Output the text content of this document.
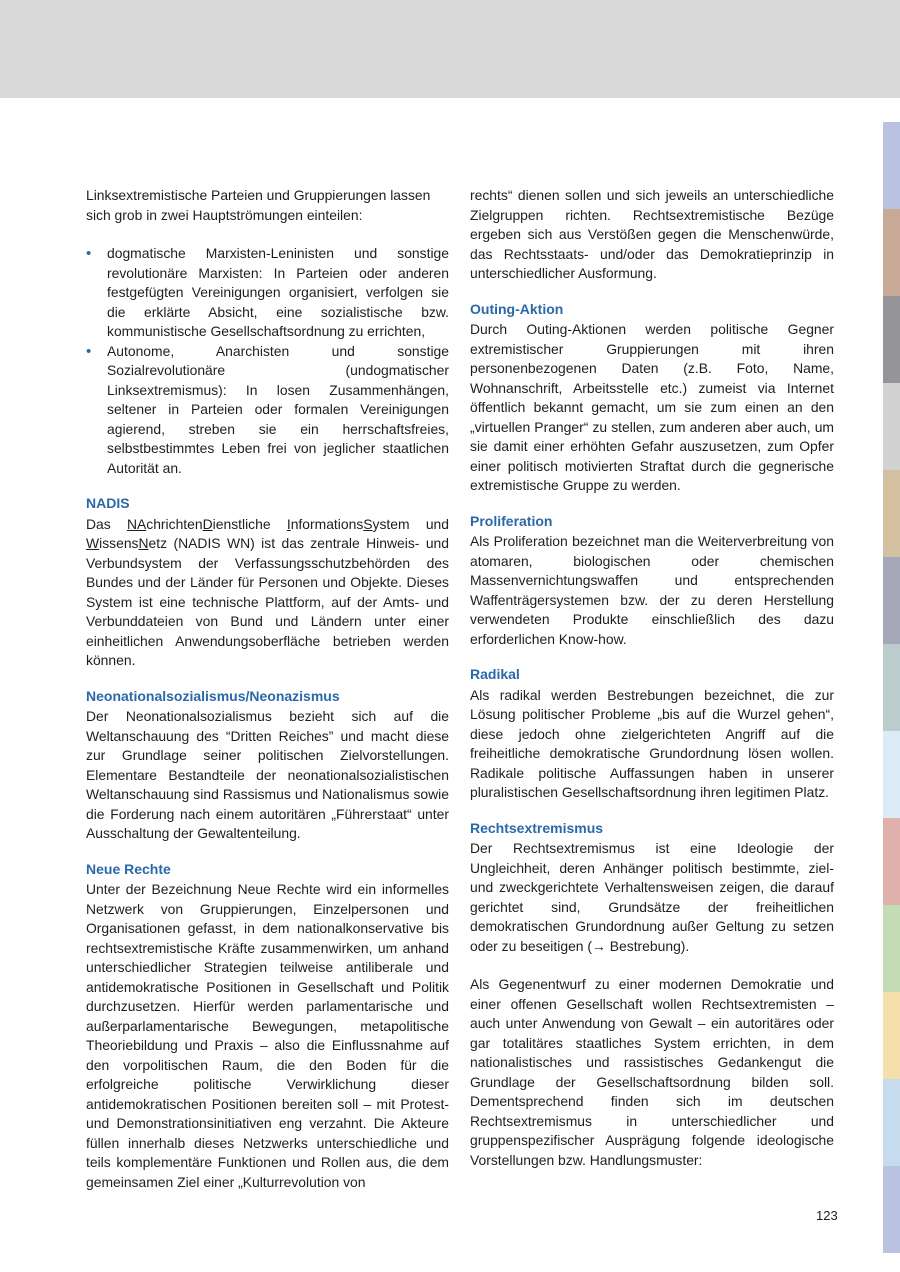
Linksextremistische Parteien und Gruppierungen lassen sich grob in zwei Hauptströmungen einteilen:

• dogmatische Marxisten-Leninisten und sonstige revolutionäre Marxisten: In Parteien oder anderen festgefügten Vereinigungen organisiert, verfolgen sie die erklärte Absicht, eine sozialistische bzw. kommunistische Gesellschaftsordnung zu errichten,
• Autonome, Anarchisten und sonstige Sozialrevolutionäre (undogmatischer Linksextremismus): In losen Zusammenhängen, seltener in Parteien oder formalen Vereinigungen agierend, streben sie ein herrschaftsfreies, selbstbestimmtes Leben frei von jeglicher staatlichen Autorität an.
NADIS

Das NAchrichtenDienstliche InformationsSystem und WissensNetz (NADIS WN) ist das zentrale Hinweis- und Verbundsystem der Verfassungsschutzbehörden des Bundes und der Länder für Personen und Objekte. Dieses System ist eine technische Plattform, auf der Amts- und Verbunddateien von Bund und Ländern unter einer einheitlichen Anwendungsoberfläche betrieben werden können.

Neonationalsozialismus/Neonazismus

Der Neonationalsozialismus bezieht sich auf die Weltanschauung des “Dritten Reiches” und macht diese zur Grundlage seiner politischen Zielvorstellungen. Elementare Bestandteile der neonationalsozialistischen Weltanschauung sind Rassismus und Nationalismus sowie die Forderung nach einem autoritären „Führerstaat“ unter Ausschaltung der Gewaltenteilung.

Neue Rechte

Unter der Bezeichnung Neue Rechte wird ein informelles Netzwerk von Gruppierungen, Einzelpersonen und Organisationen gefasst, in dem nationalkonservative bis rechtsextremistische Kräfte zusammenwirken, um anhand unterschiedlicher Strategien teilweise antiliberale und antidemokratische Positionen in Gesellschaft und Politik durchzusetzen. Hierfür werden parlamentarische und außerparlamentarische Bewegungen, metapolitische Theoriebildung und Praxis – also die Einflussnahme auf den vorpolitischen Raum, die den Boden für die erfolgreiche politische Verwirklichung dieser antidemokratischen Positionen bereiten soll – mit Protest- und Demonstrationsinitiativen eng verzahnt. Die Akteure füllen innerhalb dieses Netzwerks unterschiedliche und teils komplementäre Funktionen und Rollen aus, die dem gemeinsamen Ziel einer „Kulturrevolution von

rechts“ dienen sollen und sich jeweils an unterschiedliche Zielgruppen richten. Rechtsextremistische Bezüge ergeben sich aus Verstößen gegen die Menschenwürde, das Rechtsstaats- und/oder das Demokratieprinzip in unterschiedlicher Ausformung.

Outing-Aktion

Durch Outing-Aktionen werden politische Gegner extremistischer Gruppierungen mit ihren personenbezogenen Daten (z.B. Foto, Name, Wohnanschrift, Arbeitsstelle etc.) zumeist via Internet öffentlich bekannt gemacht, um sie zum einen an den „virtuellen Pranger“ zu stellen, zum anderen aber auch, um sie damit einer erhöhten Gefahr auszusetzen, zum Opfer einer politisch motivierten Straftat durch die gegnerische extremistische Gruppe zu werden.

Proliferation

Als Proliferation bezeichnet man die Weiterverbreitung von atomaren, biologischen oder chemischen Massenvernichtungswaffen und entsprechenden Waffenträgersystemen bzw. der zu deren Herstellung verwendeten Produkte einschließlich des dazu erforderlichen Know-how.

Radikal

Als radikal werden Bestrebungen bezeichnet, die zur Lösung politischer Probleme „bis auf die Wurzel gehen“, diese jedoch ohne zielgerichteten Angriff auf die freiheitliche demokratische Grundordnung lösen wollen. Radikale politische Auffassungen haben in unserer pluralistischen Gesellschaftsordnung ihren legitimen Platz.

Rechtsextremismus

Der Rechtsextremismus ist eine Ideologie der Ungleichheit, deren Anhänger politisch bestimmte, ziel- und zweckgerichtete Verhaltensweisen zeigen, die darauf gerichtet sind, Grundsätze der freiheitlichen demokratischen Grundordnung außer Geltung zu setzen oder zu beseitigen (→ Bestrebung).

Als Gegenentwurf zu einer modernen Demokratie und einer offenen Gesellschaft wollen Rechtsextremisten – auch unter Anwendung von Gewalt – ein autoritäres oder gar totalitäres staatliches System errichten, in dem nationalistisches und rassistisches Gedankengut die Grundlage der Gesellschaftsordnung bilden soll. Dementsprechend finden sich im deutschen Rechtsextremismus in unterschiedlicher und gruppenspezifischer Ausprägung folgende ideologische Vorstellungen bzw. Handlungsmuster:

123
